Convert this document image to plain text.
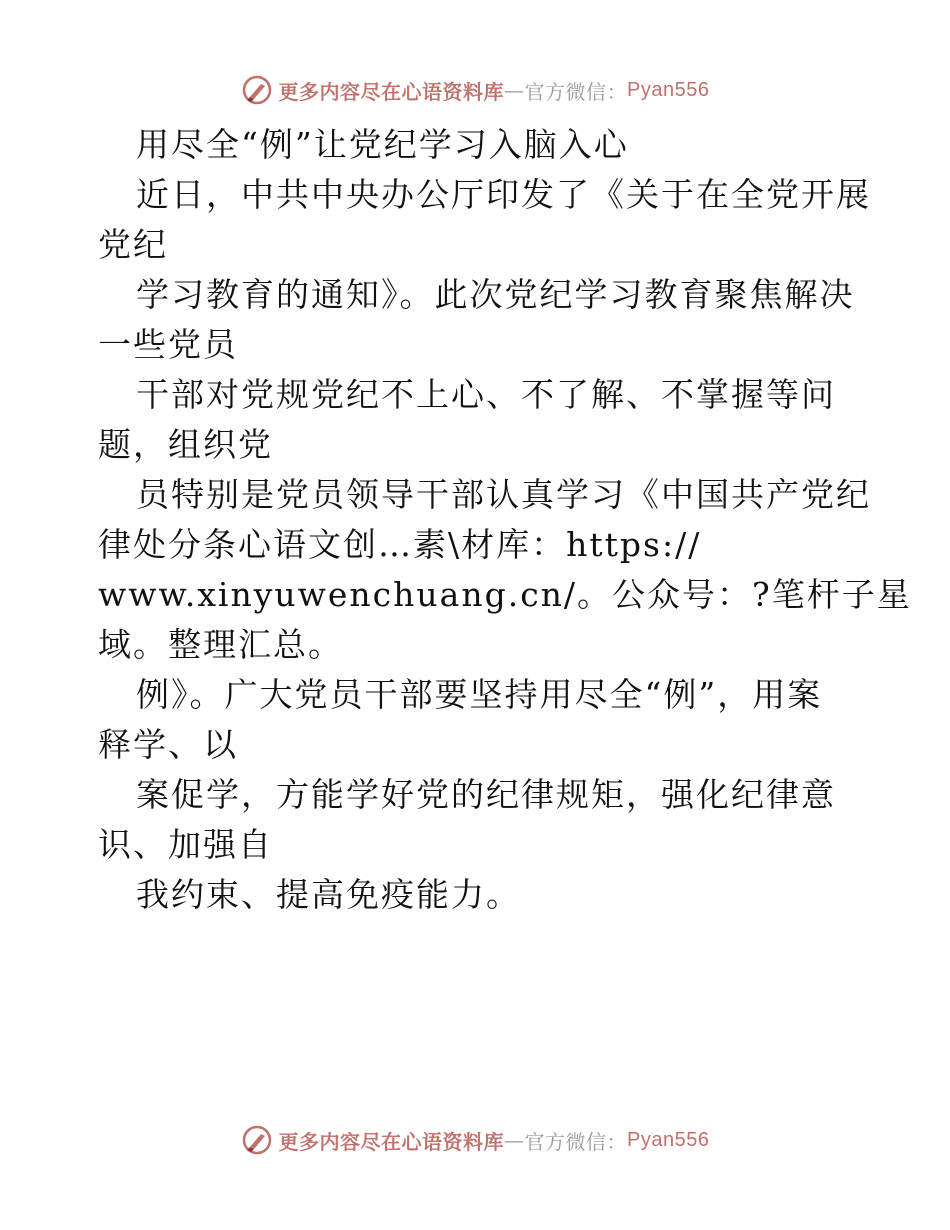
更多内容尽在心语资料库 — 官方微信： Pyan556
用尽全“例”让党纪学习入脑入心
近日，中共中央办公厅印发了《关于在全党开展
党纪
学习教育的通知》。此次党纪学习教育聚焦解决
一些党员
干部对党规党纪不上心、不了解、不掌握等问
题，组织党
员特别是党员领导干部认真学习《中国共产党纪
律处分条心语文创…素\材库：https://
www.xinyuwenchuang.cn/。公众号：?笔杆子星
域。整理汇总。
例》。广大党员干部要坚持用尽全“例”，用案
释学、以
案促学，方能学好党的纪律规矩，强化纪律意
识、加强自
我约束、提高免疫能力。
更多内容尽在心语资料库 — 官方微信： Pyan556
